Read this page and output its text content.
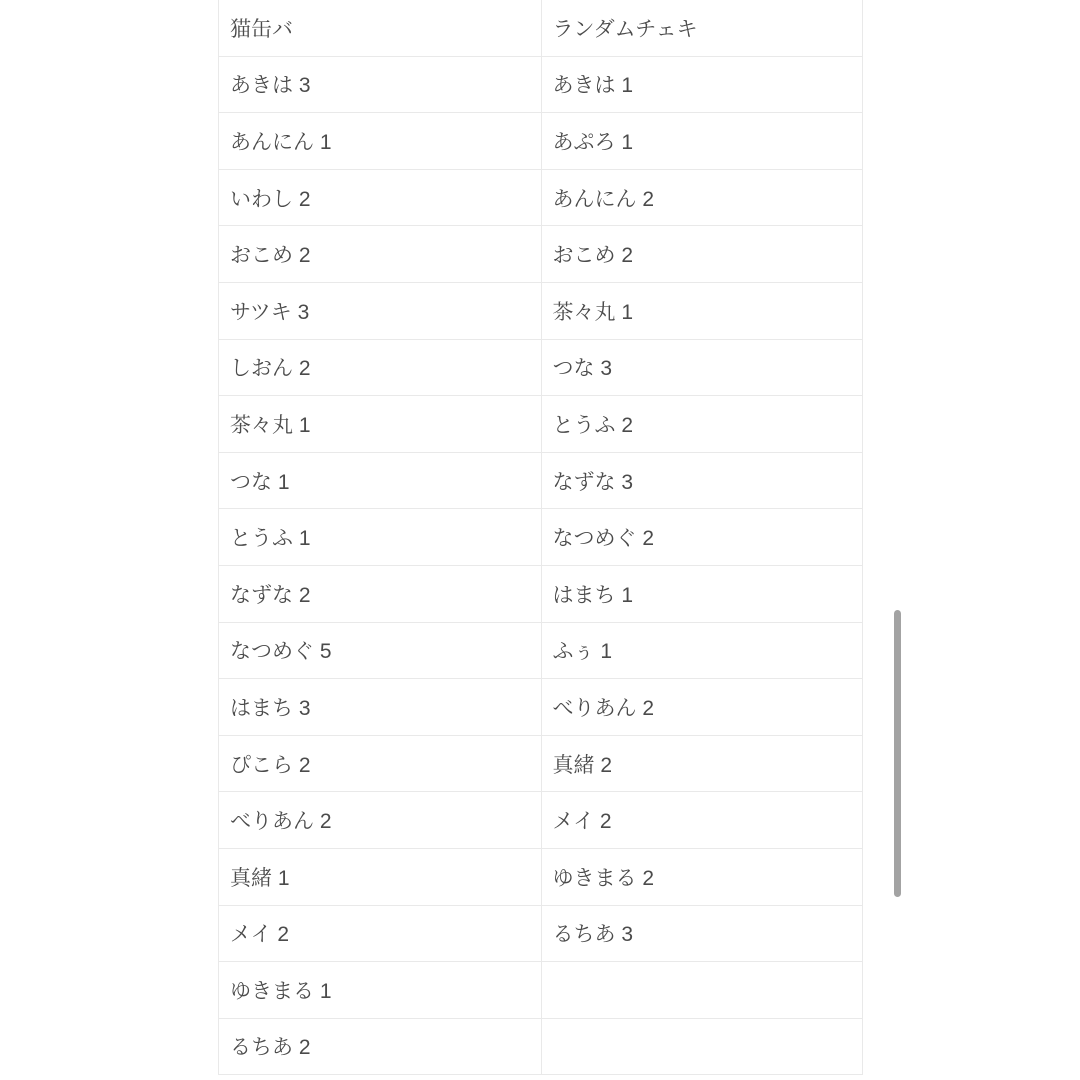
猫缶バ	ランダムチェキ
あきは 3	あきは 1
あんにん 1	あぷろ 1
いわし 2	あんにん 2
おこめ 2	おこめ 2
サツキ 3	茶々丸 1
しおん 2	つな 3
茶々丸 1	とうふ 2
つな 1	なずな 3
とうふ 1	なつめぐ 2
なずな 2	はまち 1
なつめぐ 5	ふぅ 1
はまち 3	べりあん 2
ぴこら 2	真緒 2
べりあん 2	メイ 2
真緒 1	ゆきまる 2
メイ 2	るちあ 3
ゆきまる 1
るちあ 2
